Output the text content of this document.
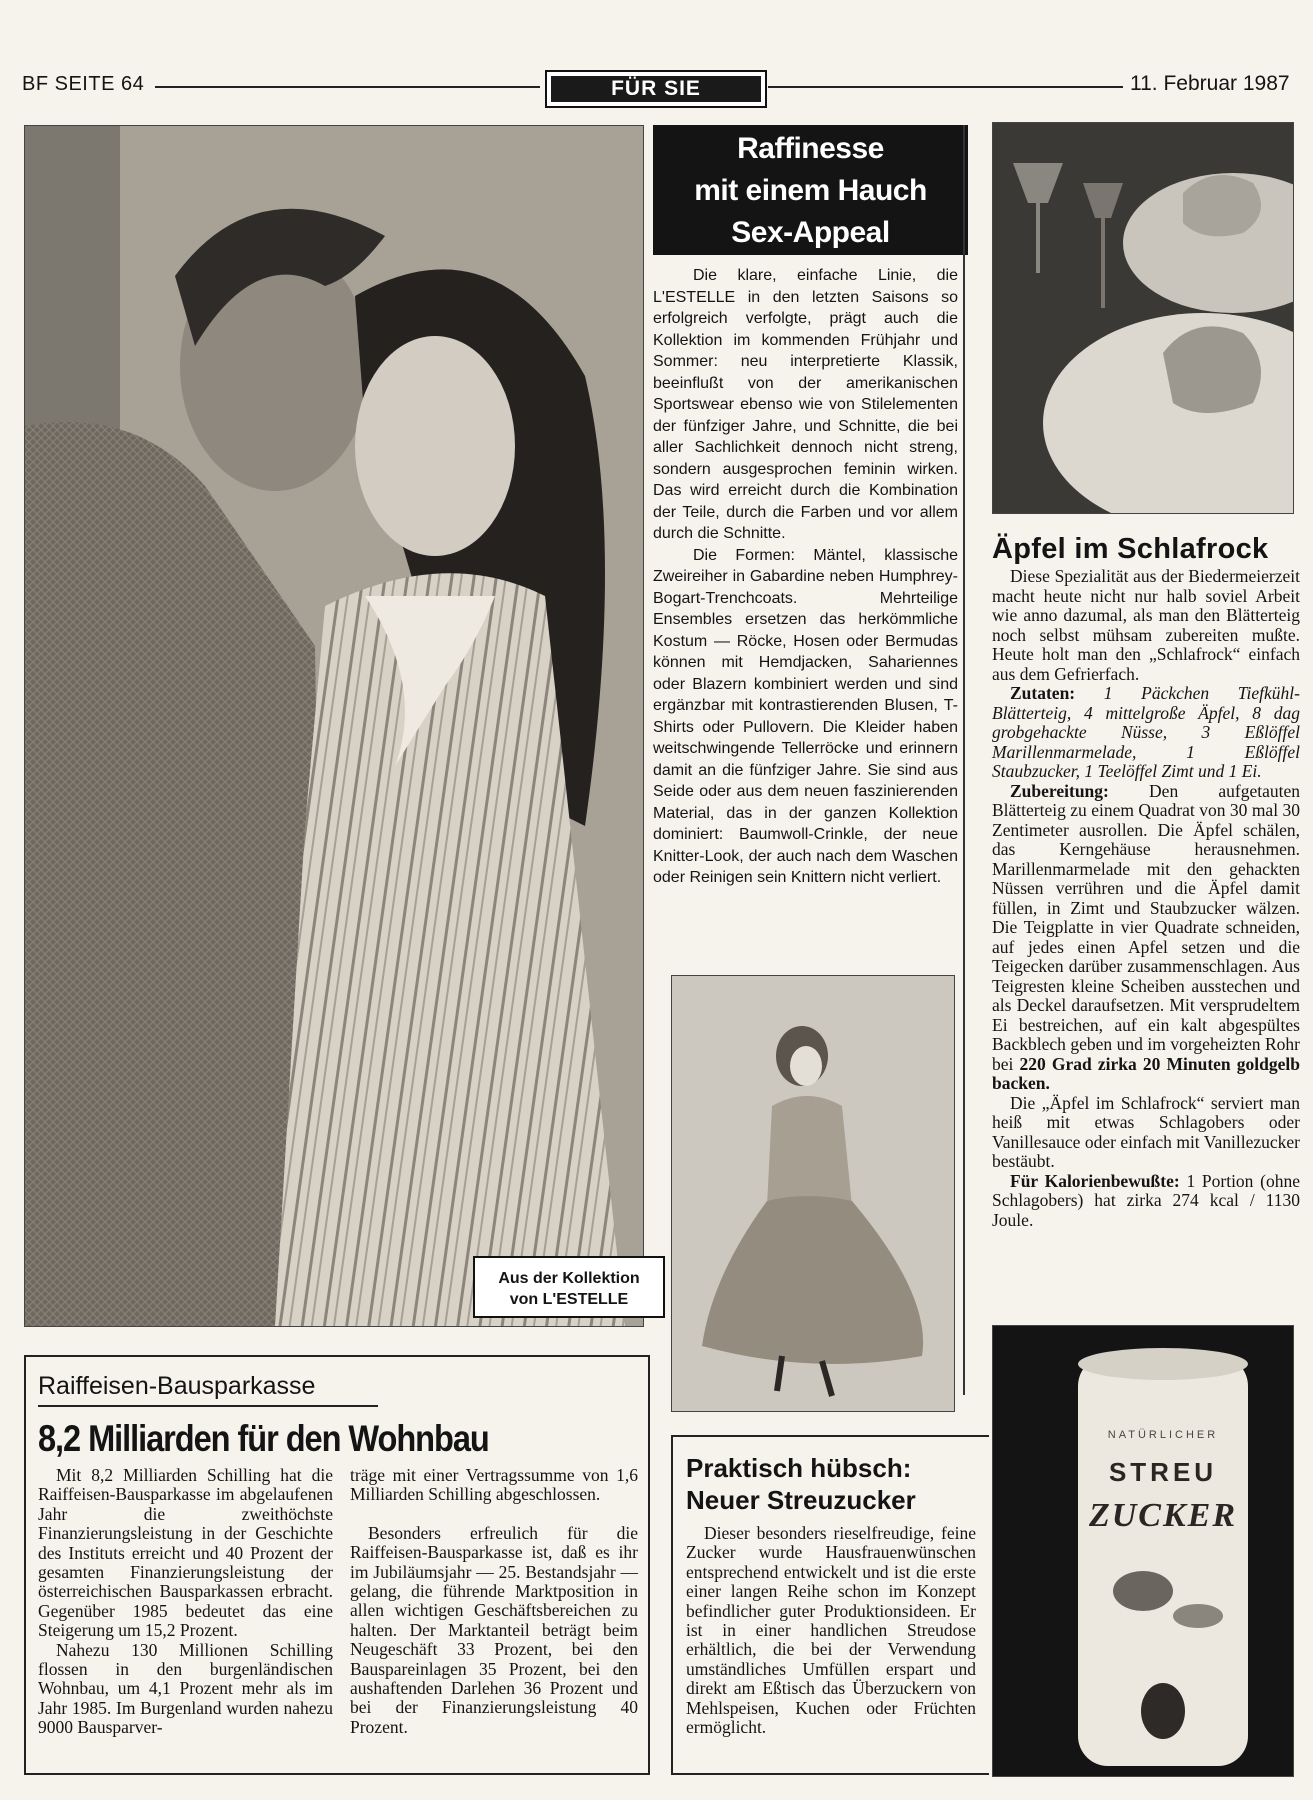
BF SEITE 64	FÜR SIE	11. Februar 1987
Aus der Kollektion
von L'ESTELLE
Raffinesse
mit einem Hauch
Sex-Appeal

Die klare, einfache Linie, die L'ESTELLE in den letzten Saisons so erfolgreich verfolgte, prägt auch die Kollektion im kommenden Frühjahr und Sommer: neu interpretierte Klassik, beeinflußt von der amerikanischen Sportswear ebenso wie von Stilelementen der fünfziger Jahre, und Schnitte, die bei aller Sachlichkeit dennoch nicht streng, sondern ausgesprochen feminin wirken. Das wird erreicht durch die Kombination der Teile, durch die Farben und vor allem durch die Schnitte.

Die Formen: Mäntel, klassische Zweireiher in Gabardine neben Humphrey-Bogart-Trenchcoats. Mehrteilige Ensembles ersetzen das herkömmliche Kostum — Röcke, Hosen oder Bermudas können mit Hemdjacken, Sahariennes oder Blazern kombiniert werden und sind ergänzbar mit kontrastierenden Blusen, T-Shirts oder Pullovern. Die Kleider haben weitschwingende Tellerröcke und erinnern damit an die fünfziger Jahre. Sie sind aus Seide oder aus dem neuen faszinierenden Material, das in der ganzen Kollektion dominiert: Baumwoll-Crinkle, der neue Knitter-Look, der auch nach dem Waschen oder Reinigen sein Knittern nicht verliert.

Äpfel im Schlafrock

Diese Spezialität aus der Biedermeierzeit macht heute nicht nur halb soviel Arbeit wie anno dazumal, als man den Blätterteig noch selbst mühsam zubereiten mußte. Heute holt man den „Schlafrock“ einfach aus dem Gefrierfach.

Zutaten: 1 Päckchen Tiefkühl-Blätterteig, 4 mittelgroße Äpfel, 8 dag grobgehackte Nüsse, 3 Eßlöffel Marillenmarmelade, 1 Eßlöffel Staubzucker, 1 Teelöffel Zimt und 1 Ei.

Zubereitung: Den aufgetauten Blätterteig zu einem Quadrat von 30 mal 30 Zentimeter ausrollen. Die Äpfel schälen, das Kerngehäuse herausnehmen. Marillenmarmelade mit den gehackten Nüssen verrühren und die Äpfel damit füllen, in Zimt und Staubzucker wälzen. Die Teigplatte in vier Quadrate schneiden, auf jedes einen Apfel setzen und die Teigecken darüber zusammenschlagen. Aus Teigresten kleine Scheiben ausstechen und als Deckel daraufsetzen. Mit versprudeltem Ei bestreichen, auf ein kalt abgespültes Backblech geben und im vorgeheizten Rohr bei 220 Grad zirka 20 Minuten goldgelb backen.

Die „Äpfel im Schlafrock“ serviert man heiß mit etwas Schlagobers oder Vanillesauce oder einfach mit Vanillezucker bestäubt.

Für Kalorienbewußte: 1 Portion (ohne Schlagobers) hat zirka 274 kcal / 1130 Joule.

STREU
ZUCKER
NATÜRLICHER
Raiffeisen-Bausparkasse
8,2 Milliarden für den Wohnbau

Mit 8,2 Milliarden Schilling hat die Raiffeisen-Bausparkasse im abgelaufenen Jahr die zweithöchste Finanzierungsleistung in der Geschichte des Instituts erreicht und 40 Prozent der gesamten Finanzierungsleistung der österreichischen Bausparkassen erbracht. Gegenüber 1985 bedeutet das eine Steigerung um 15,2 Prozent.

Nahezu 130 Millionen Schilling flossen in den burgenländischen Wohnbau, um 4,1 Prozent mehr als im Jahr 1985. Im Burgenland wurden nahezu 9000 Bausparver-

träge mit einer Vertragssumme von 1,6 Milliarden Schilling abgeschlossen.

Besonders erfreulich für die Raiffeisen-Bausparkasse ist, daß es ihr im Jubiläumsjahr — 25. Bestandsjahr — gelang, die führende Marktposition in allen wichtigen Geschäftsbereichen zu halten. Der Marktanteil beträgt beim Neugeschäft 33 Prozent, bei den Bauspareinlagen 35 Prozent, bei den aushaftenden Darlehen 36 Prozent und bei der Finanzierungsleistung 40 Prozent.

Praktisch hübsch:
Neuer Streuzucker

Dieser besonders rieselfreudige, feine Zucker wurde Hausfrauenwünschen entsprechend entwickelt und ist die erste einer langen Reihe schon im Konzept befindlicher guter Produktionsideen. Er ist in einer handlichen Streudose erhältlich, die bei der Verwendung umständliches Umfüllen erspart und direkt am Eßtisch das Überzuckern von Mehlspeisen, Kuchen oder Früchten ermöglicht.
